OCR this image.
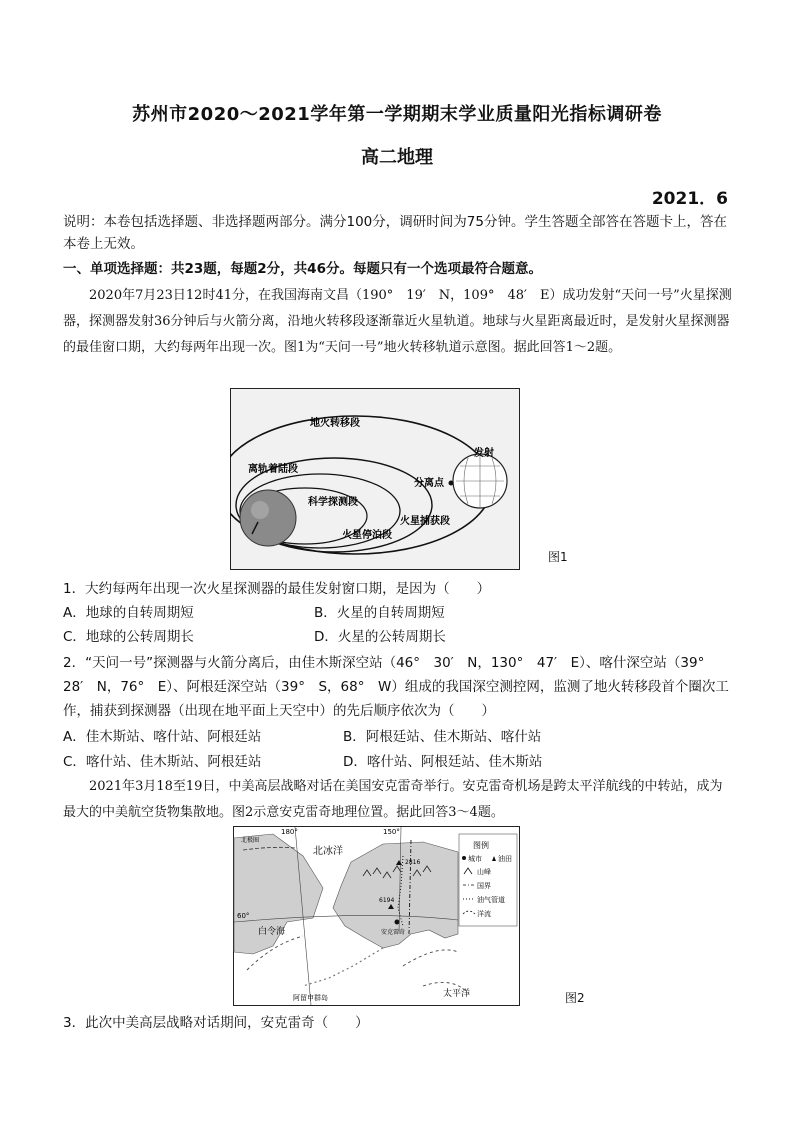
苏州市2020～2021学年第一学期期末学业质量阳光指标调研卷
高二地理
2021．6
说明：本卷包括选择题、非选择题两部分。满分100分，调研时间为75分钟。学生答题全部答在答题卡上，答在本卷上无效。
一、单项选择题：共23题，每题2分，共46分。每题只有一个选项最符合题意。
2020年7月23日12时41分，在我国海南文昌（190°　19′　N，109°　48′　E）成功发射“天问一号”火星探测器，探测器发射36分钟后与火箭分离，沿地火转移段逐渐靠近火星轨道。地球与火星距离最近时，是发射火星探测器的最佳窗口期，大约每两年出现一次。图1为“天问一号”地火转移轨道示意图。据此回答1～2题。
地火转移段
离轨着陆段
发射
分离点
科学探测段
火星捕获段
火星停泊段
图1
1．大约每两年出现一次火星探测器的最佳发射窗口期，是因为（　　）
A．地球的自转周期短	B．火星的自转周期短
C．地球的公转周期长	D．火星的公转周期长
2．“天问一号”探测器与火箭分离后，由佳木斯深空站（46°　30′　N，130°　47′　E）、喀什深空站（39°　28′　N，76°　E）、阿根廷深空站（39°　S，68°　W）组成的我国深空测控网，监测了地火转移段首个圈次工作，捕获到探测器（出现在地平面上天空中）的先后顺序依次为（　　）
A．佳木斯站、喀什站、阿根廷站	B．阿根廷站、佳木斯站、喀什站
C．喀什站、佳木斯站、阿根廷站	D．喀什站、阿根廷站、佳木斯站
2021年3月18至19日，中美高层战略对话在美国安克雷奇举行。安克雷奇机场是跨太平洋航线的中转站，成为最大的中美航空货物集散地。图2示意安克雷奇地理位置。据此回答3～4题。
180°	150°
60°
北冰洋
北极圈
白令海
太平洋
阿留申群岛
安克雷奇
2816
6194
图例
城市 油田
山峰
国界
油气管道
洋流
图2
3．此次中美高层战略对话期间，安克雷奇（　　）
